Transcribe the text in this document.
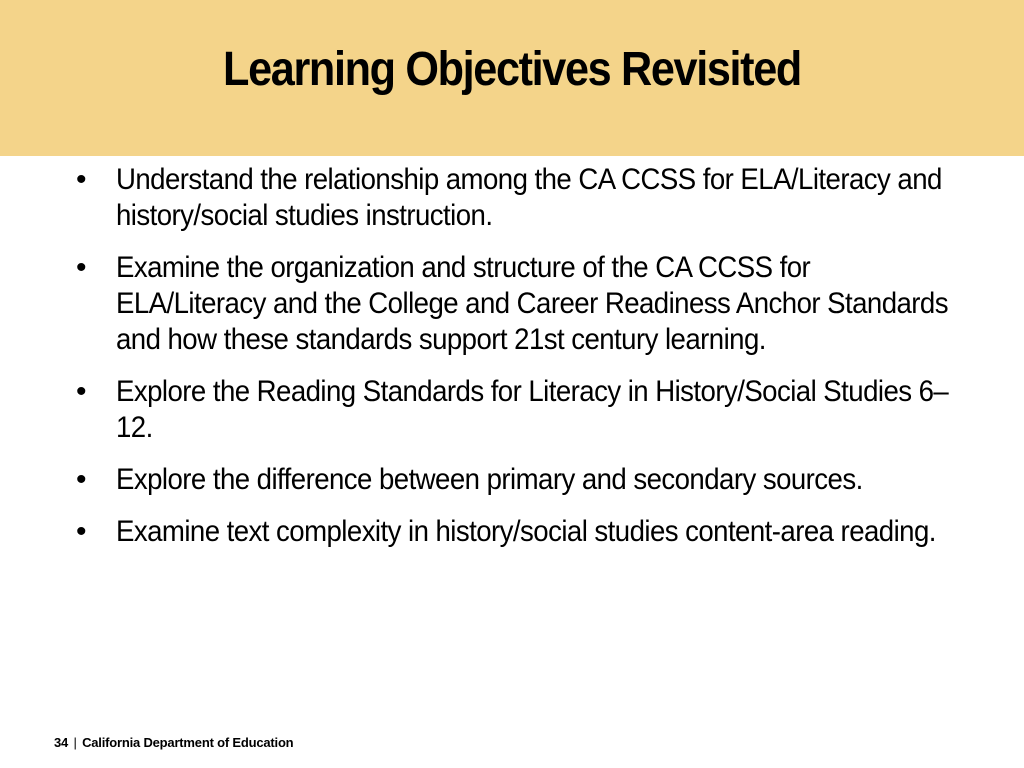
Learning Objectives Revisited
• Understand the relationship among the CA CCSS for ELA/Literacy and history/social studies instruction.
• Examine the organization and structure of the CA CCSS for ELA/Literacy and the College and Career Readiness Anchor Standards and how these standards support 21st century learning.
• Explore the Reading Standards for Literacy in History/Social Studies 6–12.
• Explore the difference between primary and secondary sources.
• Examine text complexity in history/social studies content-area reading.
34 | California Department of Education
